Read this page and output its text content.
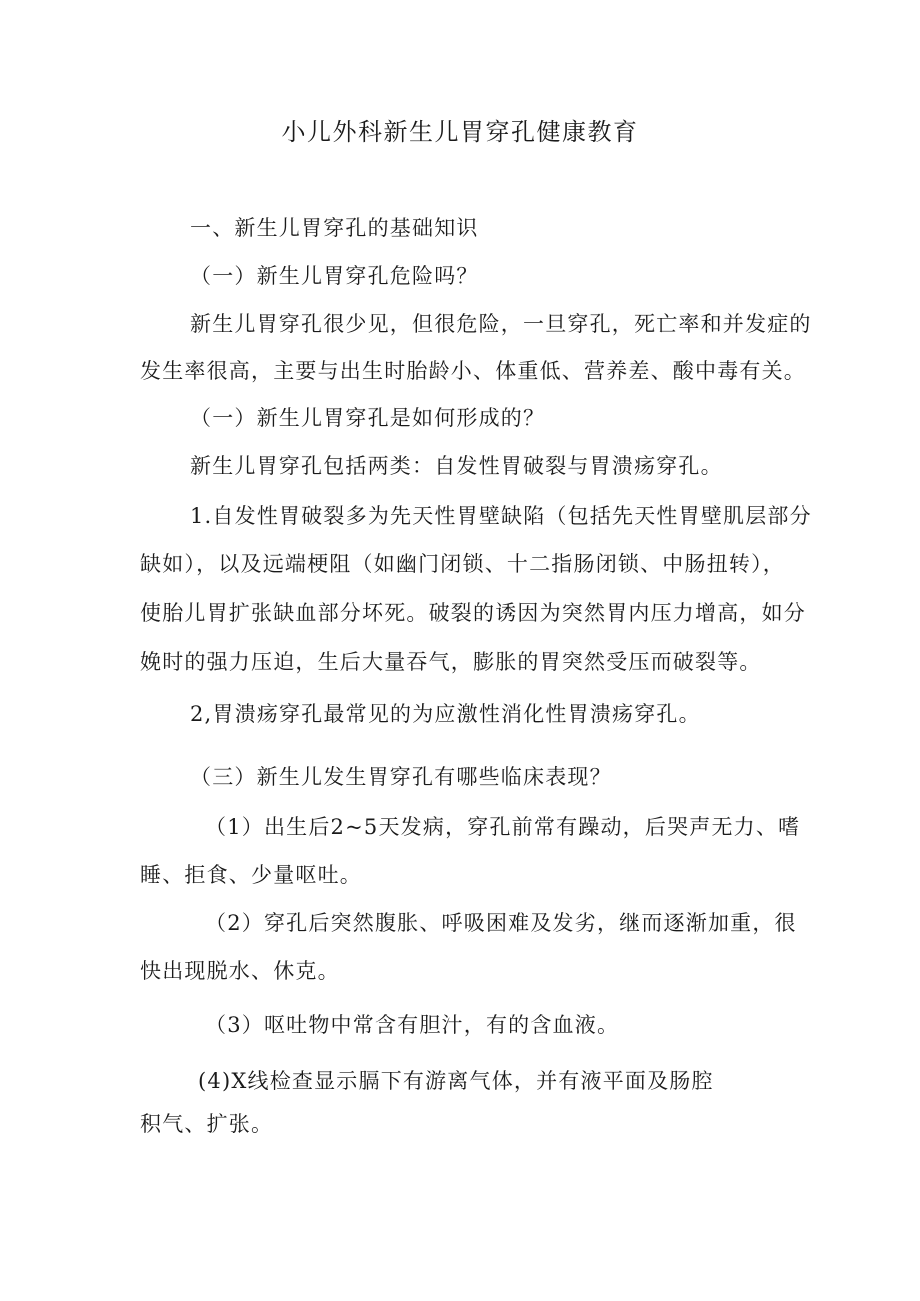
小儿外科新生儿胃穿孔健康教育
一、新生儿胃穿孔的基础知识
（一）新生儿胃穿孔危险吗？
新生儿胃穿孔很少见，但很危险，一旦穿孔，死亡率和并发症的
发生率很高，主要与出生时胎龄小、体重低、营养差、酸中毒有关。
（一）新生儿胃穿孔是如何形成的？
新生儿胃穿孔包括两类：自发性胃破裂与胃溃疡穿孔。
1.自发性胃破裂多为先天性胃壁缺陷（包括先天性胃壁肌层部分
缺如），以及远端梗阻（如幽门闭锁、十二指肠闭锁、中肠扭转），
使胎儿胃扩张缺血部分坏死。破裂的诱因为突然胃内压力增高，如分
娩时的强力压迫，生后大量吞气，膨胀的胃突然受压而破裂等。
2,胃溃疡穿孔最常见的为应激性消化性胃溃疡穿孔。
（三）新生儿发生胃穿孔有哪些临床表现？
（1）出生后2~5天发病，穿孔前常有躁动，后哭声无力、嗜
睡、拒食、少量呕吐。
（2）穿孔后突然腹胀、呼吸困难及发劣，继而逐渐加重，很
快出现脱水、休克。
（3）呕吐物中常含有胆汁，有的含血液。
(4)X线检查显示膈下有游离气体，并有液平面及肠腔
积气、扩张。
